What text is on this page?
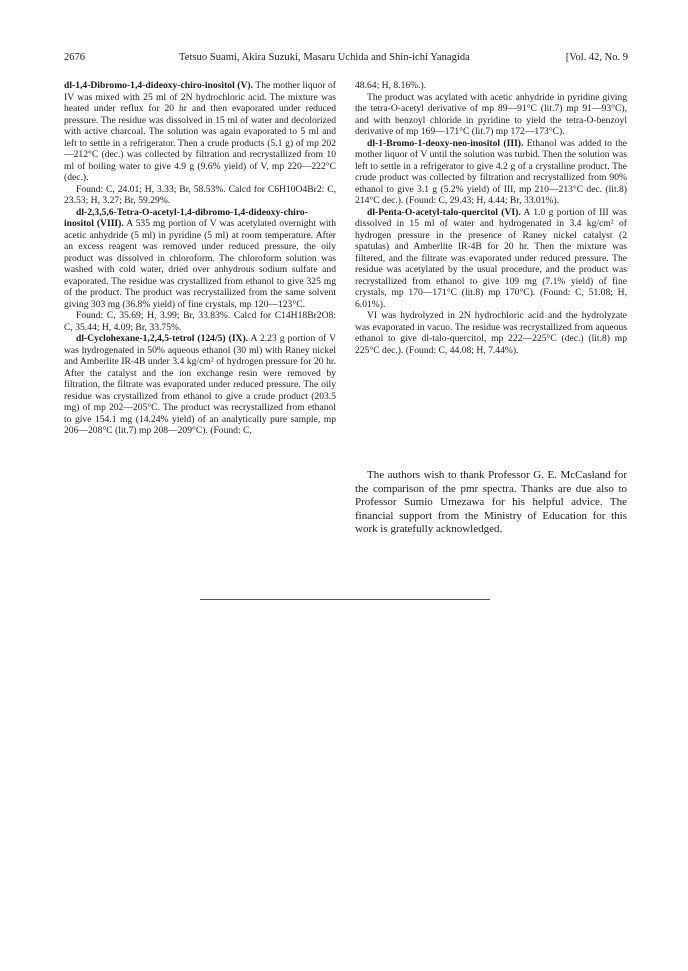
2676	Tetsuo Suami, Akira Suzuki, Masaru Uchida and Shin-ichi Yanagida	[Vol. 42, No. 9

dl-1,4-Dibromo-1,4-dideoxy-chiro-inositol (V). The mother liquor of IV was mixed with 25 ml of 2N hydrochloric acid. The mixture was heated under reflux for 20 hr and then evaporated under reduced pressure. The residue was dissolved in 15 ml of water and decolorized with active charcoal. The solution was again evaporated to 5 ml and left to settle in a refrigerator. Then a crude products (5.1 g) of mp 202—212°C (dec.) was collected by filtration and recrystallized from 10 ml of boiling water to give 4.9 g (9.6% yield) of V, mp 220—222°C (dec.).

Found: C, 24.01; H, 3.33; Br, 58.53%. Calcd for C6H10O4Br2: C, 23.53; H, 3.27; Br, 59.29%.

dl-2,3,5,6-Tetra-O-acetyl-1,4-dibromo-1,4-dideoxy-chiro-inositol (VIII). A 535 mg portion of V was acetylated overnight with acetic anhydride (5 ml) in pyridine (5 ml) at room temperature. After an excess reagent was removed under reduced pressure, the oily product was dissolved in chloroform. The chloroform solution was washed with cold water, dried over anhydrous sodium sulfate and evaporated. The residue was crystallized from ethanol to give 325 mg of the product. The product was recrystallized from the same solvent giving 303 mg (36.8% yield) of fine crystals, mp 120—123°C.

Found: C, 35.69; H, 3.99; Br, 33.83%. Calcd for C14H18Br2O8: C, 35.44; H, 4.09; Br, 33.75%.

dl-Cyclohexane-1,2,4,5-tetrol (124/5) (IX). A 2.23 g portion of V was hydrogenated in 50% aqueous ethanol (30 ml) with Raney nickel and Amberlite IR-4B under 3.4 kg/cm² of hydrogen pressure for 20 hr. After the catalyst and the ion exchange resin were removed by filtration, the filtrate was evaporated under reduced pressure. The oily residue was crystallized from ethanol to give a crude product (203.5 mg) of mp 202—205°C. The product was recrystallized from ethanol to give 154.1 mg (14.24% yield) of an analytically pure sample, mp 206—208°C (lit.7) mp 208—209°C). (Found: C,

48.64; H, 8.16%.).

The product was acylated with acetic anhydride in pyridine giving the tetra-O-acetyl derivative of mp 89—91°C (lit.7) mp 91—93°C), and with benzoyl chloride in pyridine to yield the tetra-O-benzoyl derivative of mp 169—171°C (lit.7) mp 172—173°C).

dl-1-Bromo-1-deoxy-neo-inositol (III). Ethanol was added to the mother liquor of V until the solution was turbid. Then the solution was left to settle in a refrigerator to give 4.2 g of a crystalline product. The crude product was collected by filtration and recrystallized from 90% ethanol to give 3.1 g (5.2% yield) of III, mp 210—213°C dec. (lit.8) 214°C dec.). (Found: C, 29.43; H, 4.44; Br, 33.01%).

dl-Penta-O-acetyl-talo-quercitol (VI). A 1.0 g portion of III was dissolved in 15 ml of water and hydrogenated in 3.4 kg/cm² of hydrogen pressure in the presence of Raney nickel catalyst (2 spatulas) and Amberlite IR-4B for 20 hr. Then the mixture was filtered, and the filtrate was evaporated under reduced pressure. The residue was acetylated by the usual procedure, and the product was recrystallized from ethanol to give 109 mg (7.1% yield) of fine crystals, mp 170—171°C (lit.8) mp 170°C). (Found: C, 51.08; H, 6.01%).

VI was hydrolyzed in 2N hydrochloric acid and the hydrolyzate was evaporated in vacuo. The residue was recrystallized from aqueous ethanol to give dl-talo-quercitol, mp 222—225°C (dec.) (lit.8) mp 225°C dec.). (Found: C, 44.08; H, 7.44%).

The authors wish to thank Professor G. E. McCasland for the comparison of the pmr spectra. Thanks are due also to Professor Sumio Umezawa for his helpful advice. The financial support from the Ministry of Education for this work is gratefully acknowledged.
